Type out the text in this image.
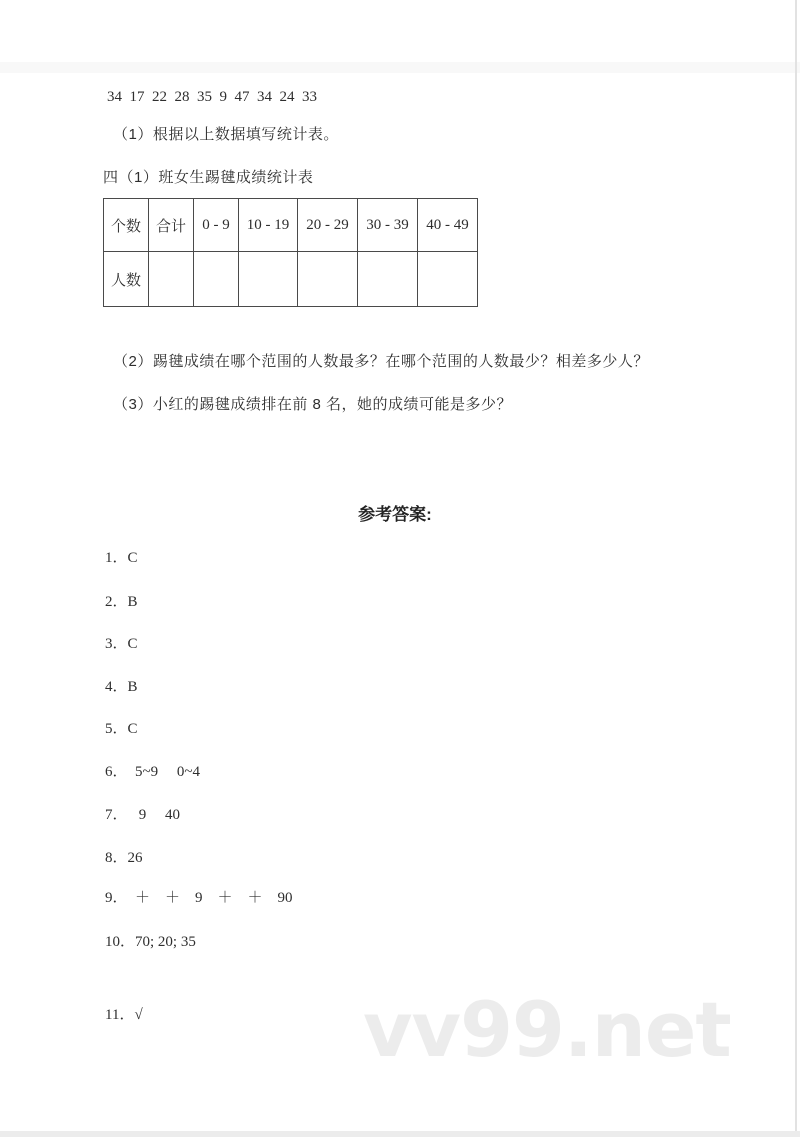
34  17  22  28  35  9  47  34  24  33
（1）根据以上数据填写统计表。
四（1）班女生踢毽成绩统计表
个数	合计	0 - 9	10 - 19	20 - 29	30 - 39	40 - 49
人数						
（2）踢毽成绩在哪个范围的人数最多？在哪个范围的人数最少？相差多少人？
（3）小红的踢毽成绩排在前 8 名，她的成绩可能是多少？
参考答案:
1．C
2．B
3．C
4．B
5．C
6．　5~9　 0~4
7．　 9　 40
8．26
9．　＋　＋　9　＋　＋　90
10．70; 20; 35
11．√	vv99.net
